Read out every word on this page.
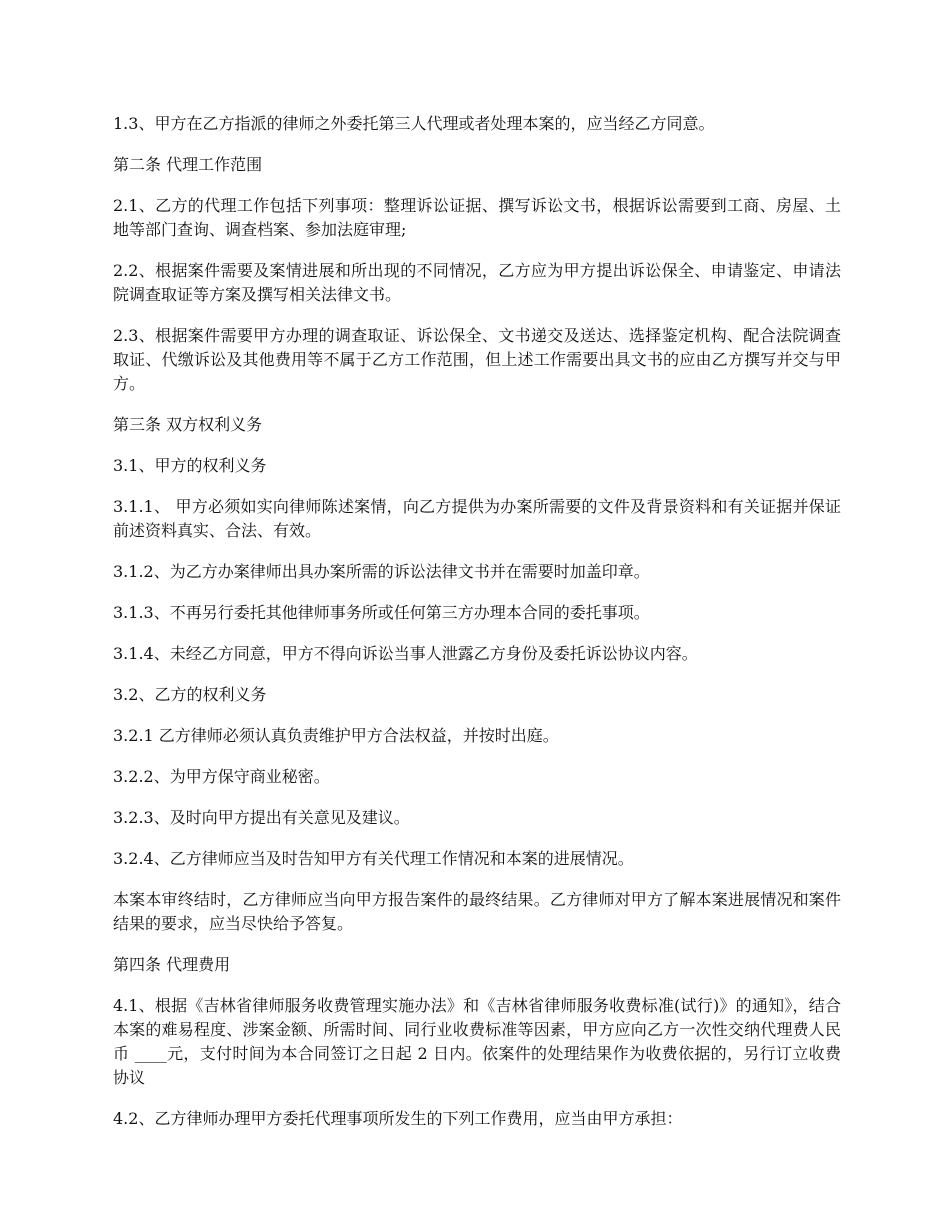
1.3、甲方在乙方指派的律师之外委托第三人代理或者处理本案的，应当经乙方同意。

第二条 代理工作范围

2.1、乙方的代理工作包括下列事项：整理诉讼证据、撰写诉讼文书，根据诉讼需要到工商、房屋、土地等部门查询、调查档案、参加法庭审理;

2.2、根据案件需要及案情进展和所出现的不同情况，乙方应为甲方提出诉讼保全、申请鉴定、申请法院调查取证等方案及撰写相关法律文书。

2.3、根据案件需要甲方办理的调查取证、诉讼保全、文书递交及送达、选择鉴定机构、配合法院调查取证、代缴诉讼及其他费用等不属于乙方工作范围，但上述工作需要出具文书的应由乙方撰写并交与甲方。

第三条 双方权利义务

3.1、甲方的权利义务

3.1.1、 甲方必须如实向律师陈述案情，向乙方提供为办案所需要的文件及背景资料和有关证据并保证前述资料真实、合法、有效。

3.1.2、为乙方办案律师出具办案所需的诉讼法律文书并在需要时加盖印章。

3.1.3、不再另行委托其他律师事务所或任何第三方办理本合同的委托事项。

3.1.4、未经乙方同意，甲方不得向诉讼当事人泄露乙方身份及委托诉讼协议内容。

3.2、乙方的权利义务

3.2.1 乙方律师必须认真负责维护甲方合法权益，并按时出庭。

3.2.2、为甲方保守商业秘密。

3.2.3、及时向甲方提出有关意见及建议。

3.2.4、乙方律师应当及时告知甲方有关代理工作情况和本案的进展情况。

本案本审终结时，乙方律师应当向甲方报告案件的最终结果。乙方律师对甲方了解本案进展情况和案件结果的要求，应当尽快给予答复。

第四条 代理费用

4.1、根据《吉林省律师服务收费管理实施办法》和《吉林省律师服务收费标准(试行)》的通知》，结合本案的难易程度、涉案金额、所需时间、同行业收费标准等因素，甲方应向乙方一次性交纳代理费人民币 ____元，支付时间为本合同签订之日起 2 日内。依案件的处理结果作为收费依据的，另行订立收费协议

4.2、乙方律师办理甲方委托代理事项所发生的下列工作费用，应当由甲方承担：
